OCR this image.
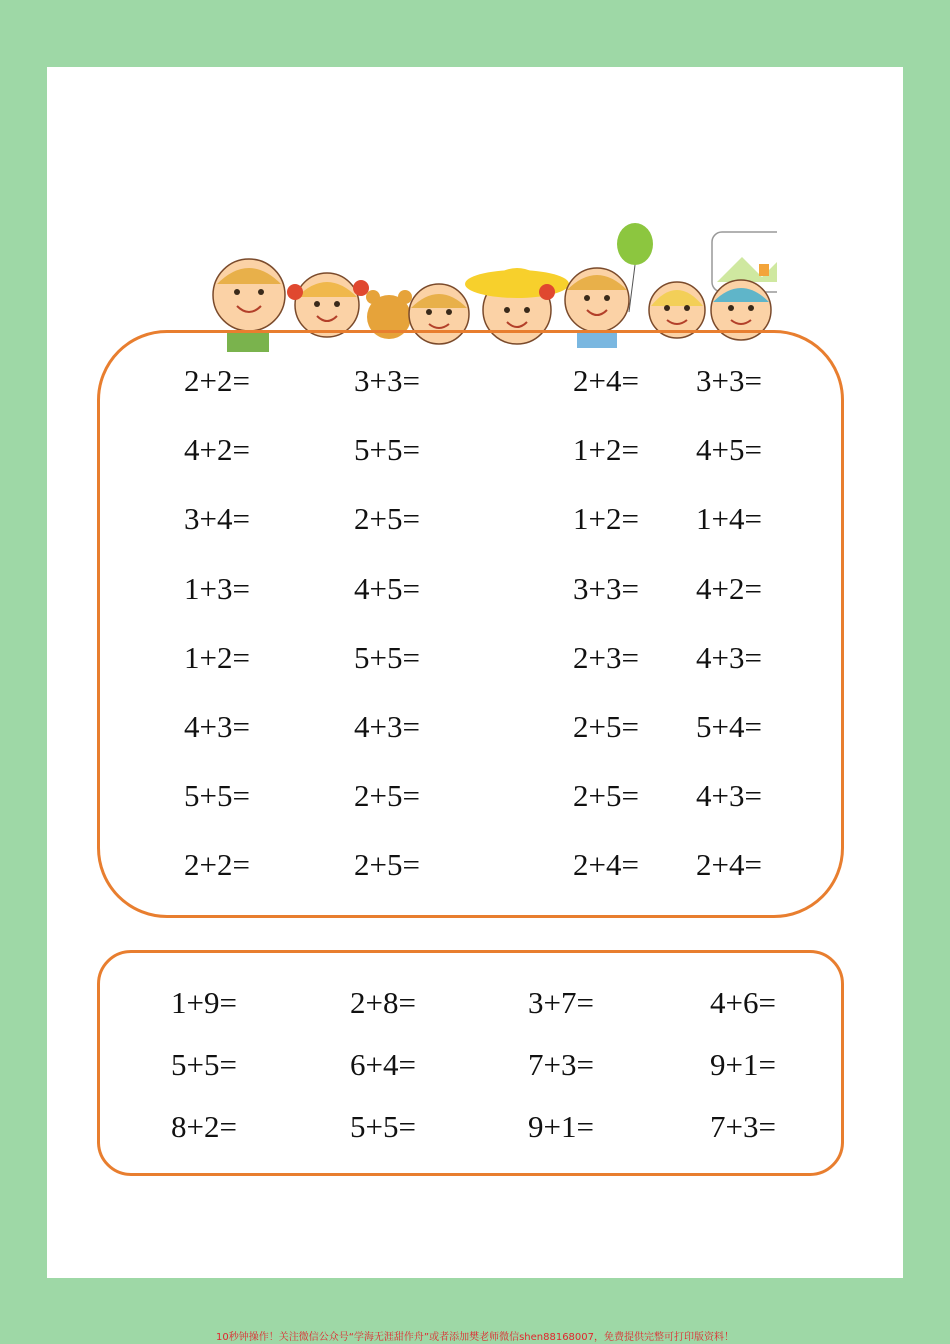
2+2=	3+3=	2+4= 3+3=
4+2=	5+5=	1+2= 4+5=
3+4=	2+5=	1+2= 1+4=
1+3=	4+5=	3+3= 4+2=
1+2=	5+5=	2+3= 4+3=
4+3=	4+3=	2+5= 5+4=
5+5=	2+5=	2+5= 4+3=
2+2=	2+5=	2+4= 2+4=
1+9=	2+8=	3+7=	4+6=
5+5=	6+4=	7+3=	9+1=
8+2=	5+5=	9+1=	7+3=
10秒钟操作！关注微信公众号“学海无涯甜作舟”或者添加樊老师微信shen88168007，免费提供完整可打印版资料！
